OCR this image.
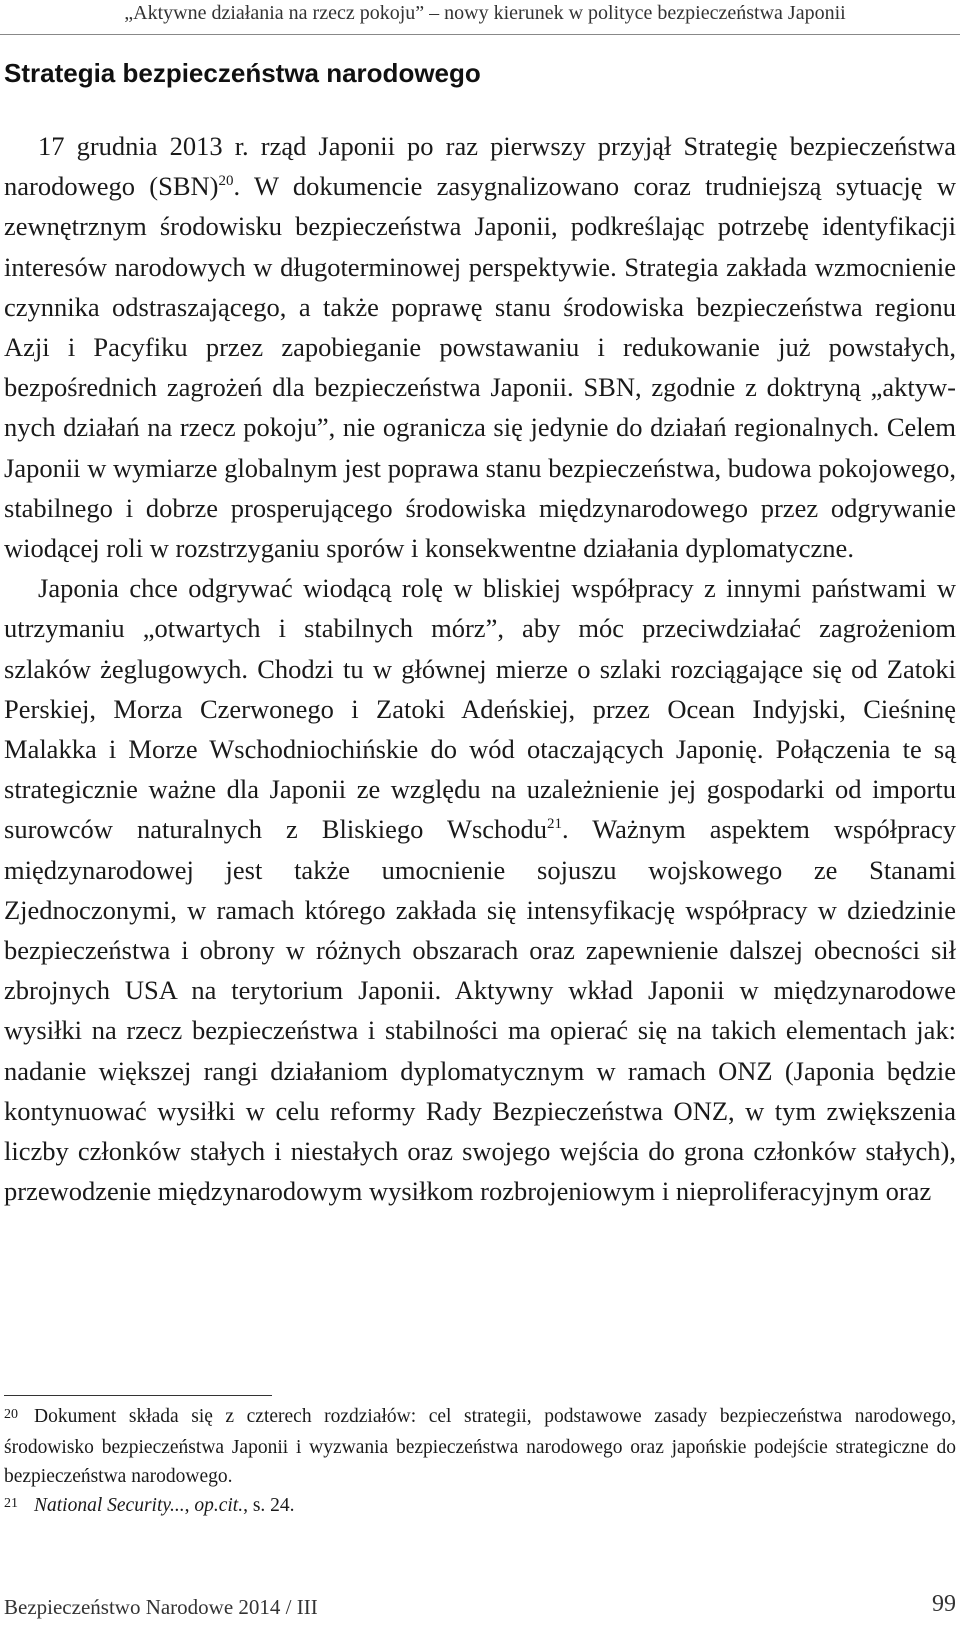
„Aktywne działania na rzecz pokoju” – nowy kierunek w polityce bezpieczeństwa Japonii
Strategia bezpieczeństwa narodowego

17 grudnia 2013 r. rząd Japonii po raz pierwszy przyjął Strategię bezpieczeństwa narodowego (SBN)$^{20}$. W dokumencie zasygnalizowano coraz trudniejszą sytuację w zewnętrznym środowisku bezpieczeństwa Japonii, podkreślając potrzebę identyfikacji interesów narodowych w długoterminowej perspektywie. Strategia zakłada wzmocnienie czynnika odstraszającego, a także poprawę stanu środowiska bezpieczeństwa regionu Azji i Pacyfiku przez zapobieganie powstawaniu i redukowanie już powstałych, bezpośrednich zagrożeń dla bezpieczeństwa Japonii. SBN, zgodnie z doktryną „aktywnych działań na rzecz pokoju”, nie ogranicza się jedynie do działań regionalnych. Celem Japonii w wymiarze globalnym jest poprawa stanu bezpieczeństwa, budowa pokojowego, stabilnego i dobrze prosperującego środowiska międzynarodowego przez odgrywanie wiodącej roli w rozstrzyganiu sporów i konsekwentne działania dyplomatyczne.

Japonia chce odgrywać wiodącą rolę w bliskiej współpracy z innymi państwami w utrzymaniu „otwartych i stabilnych mórz”, aby móc przeciwdziałać zagrożeniom szlaków żeglugowych. Chodzi tu w głównej mierze o szlaki rozciągające się od Zatoki Perskiej, Morza Czerwonego i Zatoki Adeńskiej, przez Ocean Indyjski, Cieśninę Malakka i Morze Wschodniochińskie do wód otaczających Japonię. Połączenia te są strategicznie ważne dla Japonii ze względu na uzależnienie jej gospodarki od importu surowców naturalnych z Bliskiego Wschodu$^{21}$. Ważnym aspektem współpracy międzynarodowej jest także umocnienie sojuszu wojskowego ze Stanami Zjednoczonymi, w ramach którego zakłada się intensyfikację współpracy w dziedzinie bezpieczeństwa i obrony w różnych obszarach oraz zapewnienie dalszej obecności sił zbrojnych USA na terytorium Japonii. Aktywny wkład Japonii w międzynarodowe wysiłki na rzecz bezpieczeństwa i stabilności ma opierać się na takich elementach jak: nadanie większej rangi działaniom dyplomatycznym w ramach ONZ (Japonia będzie kontynuować wysiłki w celu reformy Rady Bezpieczeństwa ONZ, w tym zwiększenia liczby członków stałych i niestałych oraz swojego wejścia do grona członków stałych), przewodzenie międzynarodowym wysiłkom rozbrojeniowym i nieproliferacyjnym oraz

$^{20}$ Dokument składa się z czterech rozdziałów: cel strategii, podstawowe zasady bezpieczeństwa narodowego, środowisko bezpieczeństwa Japonii i wyzwania bezpieczeństwa narodowego oraz japońskie podejście strategiczne do bezpieczeństwa narodowego.

$^{21}$ National Security..., op.cit., s. 24.

Bezpieczeństwo Narodowe 2014 / III	99
